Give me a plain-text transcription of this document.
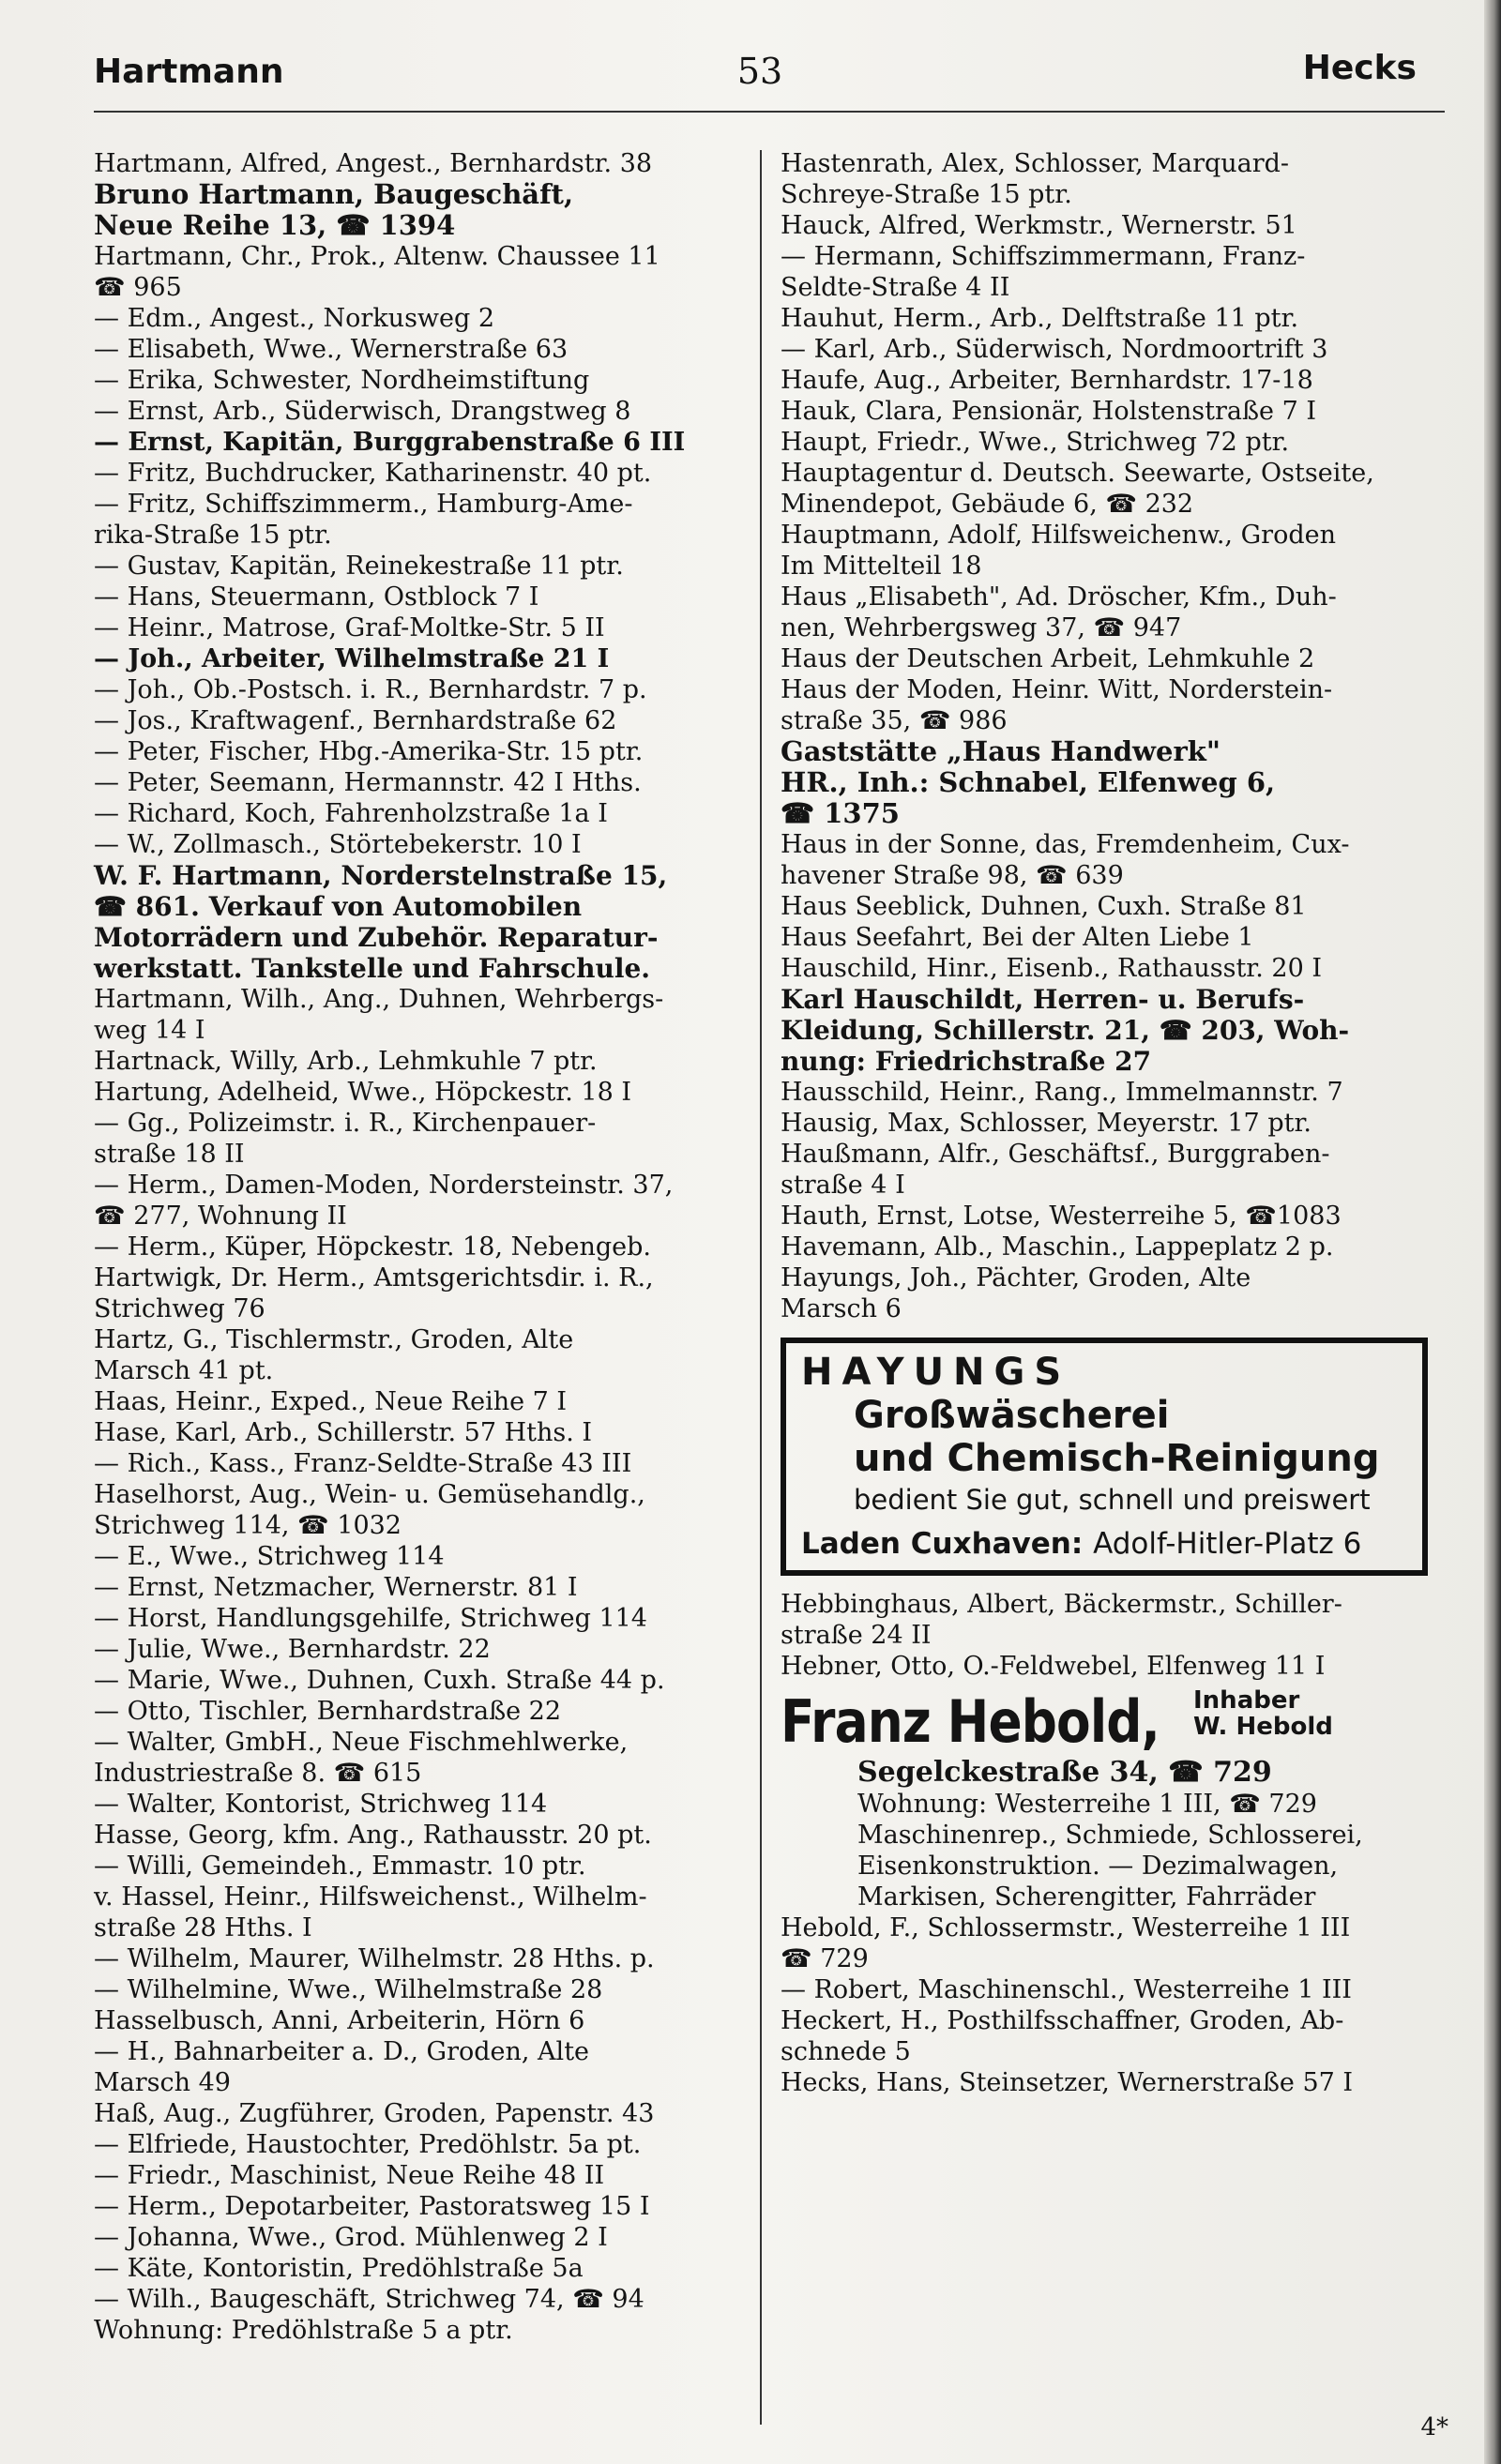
Hartmann	53	Hecks
Hartmann, Alfred, Angest., Bernhardstr. 38
Bruno Hartmann, Baugeschäft,
Neue Reihe 13, ☎ 1394
Hartmann, Chr., Prok., Altenw. Chaussee 11
☎ 965
— Edm., Angest., Norkusweg 2
— Elisabeth, Wwe., Wernerstraße 63
— Erika, Schwester, Nordheimstiftung
— Ernst, Arb., Süderwisch, Drangstweg 8
— Ernst, Kapitän, Burggrabenstraße 6 III
— Fritz, Buchdrucker, Katharinenstr. 40 pt.
— Fritz, Schiffszimmerm., Hamburg-Ame-
rika-Straße 15 ptr.
— Gustav, Kapitän, Reinekestraße 11 ptr.
— Hans, Steuermann, Ostblock 7 I
— Heinr., Matrose, Graf-Moltke-Str. 5 II
— Joh., Arbeiter, Wilhelmstraße 21 I
— Joh., Ob.-Postsch. i. R., Bernhardstr. 7 p.
— Jos., Kraftwagenf., Bernhardstraße 62
— Peter, Fischer, Hbg.-Amerika-Str. 15 ptr.
— Peter, Seemann, Hermannstr. 42 I Hths.
— Richard, Koch, Fahrenholzstraße 1a I
— W., Zollmasch., Störtebekerstr. 10 I
W. F. Hartmann, Norderstelnstraße 15,
☎ 861. Verkauf von Automobilen
Motorrädern und Zubehör. Reparatur-
werkstatt. Tankstelle und Fahrschule.
Hartmann, Wilh., Ang., Duhnen, Wehrbergs-
weg 14 I
Hartnack, Willy, Arb., Lehmkuhle 7 ptr.
Hartung, Adelheid, Wwe., Höpckestr. 18 I
— Gg., Polizeimstr. i. R., Kirchenpauer-
straße 18 II
— Herm., Damen-Moden, Nordersteinstr. 37,
☎ 277, Wohnung II
— Herm., Küper, Höpckestr. 18, Nebengeb.
Hartwigk, Dr. Herm., Amtsgerichtsdir. i. R.,
Strichweg 76
Hartz, G., Tischlermstr., Groden, Alte
Marsch 41 pt.
Haas, Heinr., Exped., Neue Reihe 7 I
Hase, Karl, Arb., Schillerstr. 57 Hths. I
— Rich., Kass., Franz-Seldte-Straße 43 III
Haselhorst, Aug., Wein- u. Gemüsehandlg.,
Strichweg 114, ☎ 1032
— E., Wwe., Strichweg 114
— Ernst, Netzmacher, Wernerstr. 81 I
— Horst, Handlungsgehilfe, Strichweg 114
— Julie, Wwe., Bernhardstr. 22
— Marie, Wwe., Duhnen, Cuxh. Straße 44 p.
— Otto, Tischler, Bernhardstraße 22
— Walter, GmbH., Neue Fischmehlwerke,
Industriestraße 8. ☎ 615
— Walter, Kontorist, Strichweg 114
Hasse, Georg, kfm. Ang., Rathausstr. 20 pt.
— Willi, Gemeindeh., Emmastr. 10 ptr.
v. Hassel, Heinr., Hilfsweichenst., Wilhelm-
straße 28 Hths. I
— Wilhelm, Maurer, Wilhelmstr. 28 Hths. p.
— Wilhelmine, Wwe., Wilhelmstraße 28
Hasselbusch, Anni, Arbeiterin, Hörn 6
— H., Bahnarbeiter a. D., Groden, Alte
Marsch 49
Haß, Aug., Zugführer, Groden, Papenstr. 43
— Elfriede, Haustochter, Predöhlstr. 5a pt.
— Friedr., Maschinist, Neue Reihe 48 II
— Herm., Depotarbeiter, Pastoratsweg 15 I
— Johanna, Wwe., Grod. Mühlenweg 2 I
— Käte, Kontoristin, Predöhlstraße 5a
— Wilh., Baugeschäft, Strichweg 74, ☎ 94
Wohnung: Predöhlstraße 5 a ptr.
Hastenrath, Alex, Schlosser, Marquard-
Schreye-Straße 15 ptr.
Hauck, Alfred, Werkmstr., Wernerstr. 51
— Hermann, Schiffszimmermann, Franz-
Seldte-Straße 4 II
Hauhut, Herm., Arb., Delftstraße 11 ptr.
— Karl, Arb., Süderwisch, Nordmoortrift 3
Haufe, Aug., Arbeiter, Bernhardstr. 17-18
Hauk, Clara, Pensionär, Holstenstraße 7 I
Haupt, Friedr., Wwe., Strichweg 72 ptr.
Hauptagentur d. Deutsch. Seewarte, Ostseite,
Minendepot, Gebäude 6, ☎ 232
Hauptmann, Adolf, Hilfsweichenw., Groden
Im Mittelteil 18
Haus „Elisabeth", Ad. Dröscher, Kfm., Duh-
nen, Wehrbergsweg 37, ☎ 947
Haus der Deutschen Arbeit, Lehmkuhle 2
Haus der Moden, Heinr. Witt, Norderstein-
straße 35, ☎ 986
Gaststätte „Haus Handwerk"
HR., Inh.: Schnabel, Elfenweg 6,
☎ 1375
Haus in der Sonne, das, Fremdenheim, Cux-
havener Straße 98, ☎ 639
Haus Seeblick, Duhnen, Cuxh. Straße 81
Haus Seefahrt, Bei der Alten Liebe 1
Hauschild, Hinr., Eisenb., Rathausstr. 20 I
Karl Hauschildt, Herren- u. Berufs-
Kleidung, Schillerstr. 21, ☎ 203, Woh-
nung: Friedrichstraße 27
Hausschild, Heinr., Rang., Immelmannstr. 7
Hausig, Max, Schlosser, Meyerstr. 17 ptr.
Haußmann, Alfr., Geschäftsf., Burggraben-
straße 4 I
Hauth, Ernst, Lotse, Westerreihe 5, ☎1083
Havemann, Alb., Maschin., Lappeplatz 2 p.
Hayungs, Joh., Pächter, Groden, Alte
Marsch 6
HAYUNGS
Großwäscherei
und Chemisch-Reinigung
bedient Sie gut, schnell und preiswert
Laden Cuxhaven: Adolf-Hitler-Platz 6
Hebbinghaus, Albert, Bäckermstr., Schiller-
straße 24 II
Hebner, Otto, O.-Feldwebel, Elfenweg 11 I
Franz Hebold, Inhaber
W. Hebold
Segelckestraße 34, ☎ 729
Wohnung: Westerreihe 1 III, ☎ 729
Maschinenrep., Schmiede, Schlosserei,
Eisenkonstruktion. — Dezimalwagen,
Markisen, Scherengitter, Fahrräder
Hebold, F., Schlossermstr., Westerreihe 1 III
☎ 729
— Robert, Maschinenschl., Westerreihe 1 III
Heckert, H., Posthilfsschaffner, Groden, Ab-
schnede 5
Hecks, Hans, Steinsetzer, Wernerstraße 57 I
4*
